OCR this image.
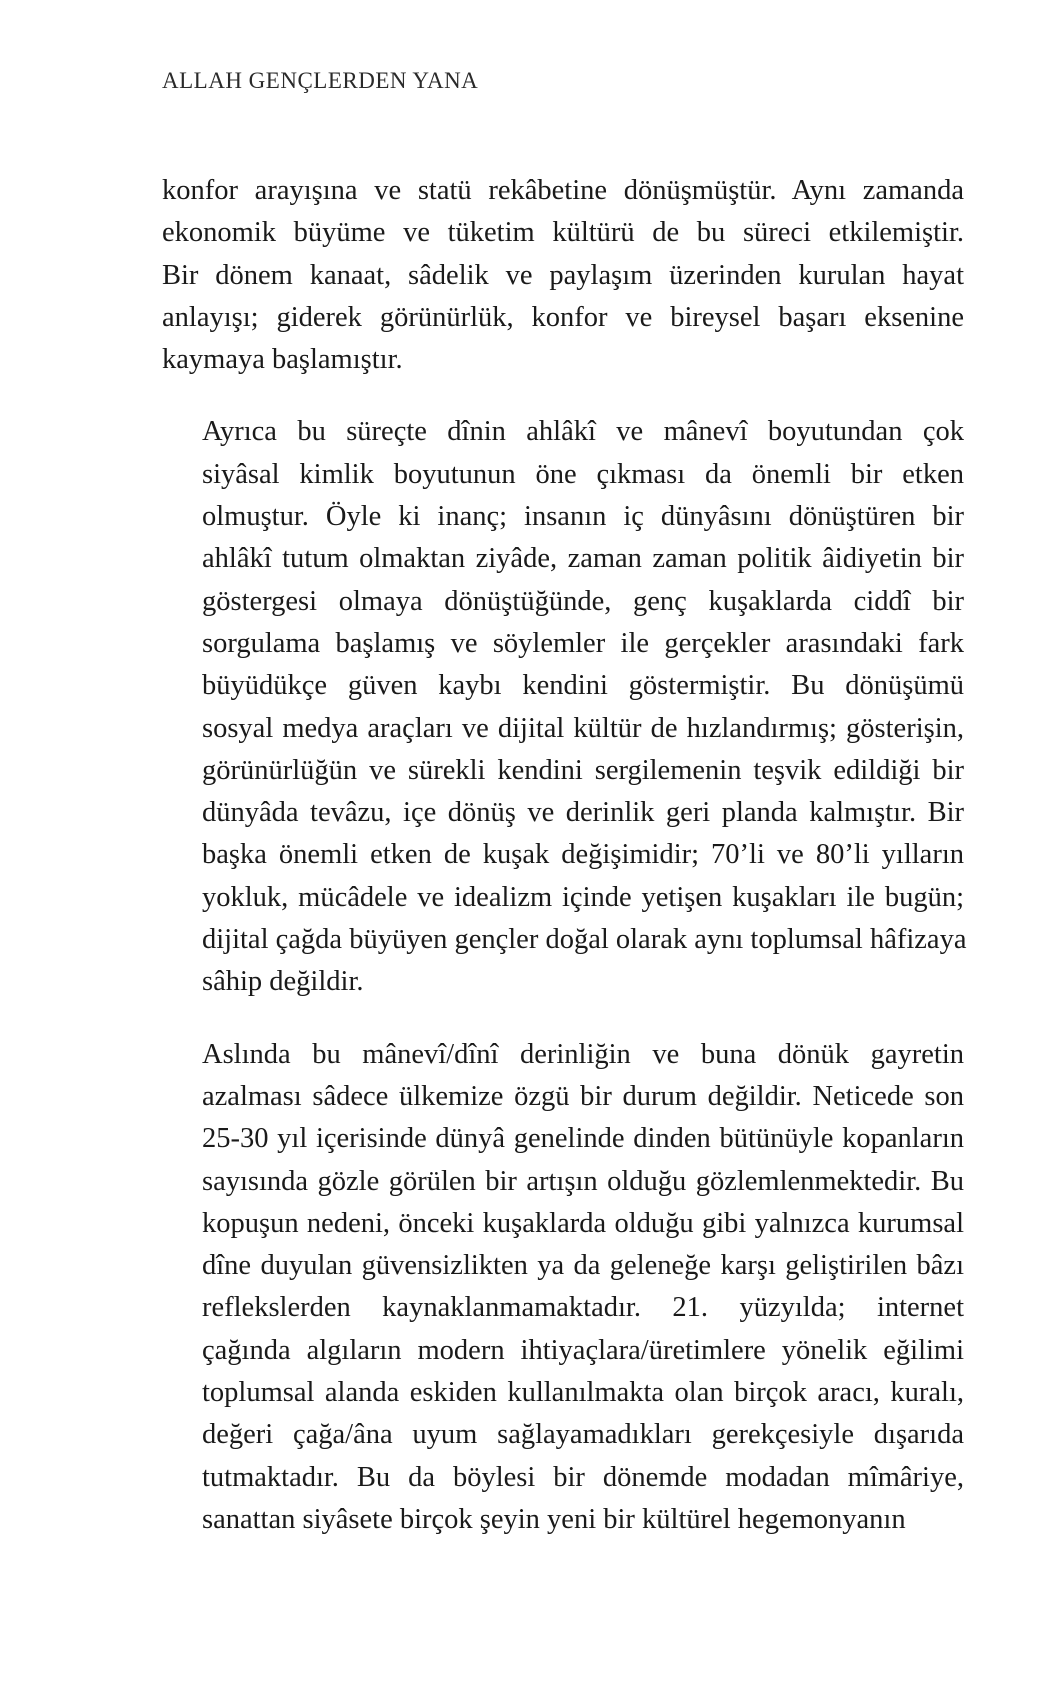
ALLAH GENÇLERDEN YANA

konfor arayışına ve statü rekâbetine dönüşmüştür. Aynı zamanda
ekonomik büyüme ve tüketim kültürü de bu süreci etkilemiştir.
Bir dönem kanaat, sâdelik ve paylaşım üzerinden kurulan hayat
anlayışı; giderek görünürlük, konfor ve bireysel başarı eksenine
kaymaya başlamıştır.

Ayrıca bu süreçte dînin ahlâkî ve mânevî boyutundan çok
siyâsal kimlik boyutunun öne çıkması da önemli bir etken
olmuştur. Öyle ki inanç; insanın iç dünyâsını dönüştüren bir
ahlâkî tutum olmaktan ziyâde, zaman zaman politik âidiyetin bir
göstergesi olmaya dönüştüğünde, genç kuşaklarda ciddî bir
sorgulama başlamış ve söylemler ile gerçekler arasındaki fark
büyüdükçe güven kaybı kendini göstermiştir. Bu dönüşümü
sosyal medya araçları ve dijital kültür de hızlandırmış; gösterişin,
görünürlüğün ve sürekli kendini sergilemenin teşvik edildiği bir
dünyâda tevâzu, içe dönüş ve derinlik geri planda kalmıştır. Bir
başka önemli etken de kuşak değişimidir; 70’li ve 80’li yılların
yokluk, mücâdele ve idealizm içinde yetişen kuşakları ile bugün;
dijital çağda büyüyen gençler doğal olarak aynı toplumsal hâfizaya
sâhip değildir.

Aslında bu mânevî/dînî derinliğin ve buna dönük gayretin
azalması sâdece ülkemize özgü bir durum değildir. Neticede son
25-30 yıl içerisinde dünyâ genelinde dinden bütünüyle kopanların
sayısında gözle görülen bir artışın olduğu gözlemlenmektedir. Bu
kopuşun nedeni, önceki kuşaklarda olduğu gibi yalnızca kurumsal
dîne duyulan güvensizlikten ya da geleneğe karşı geliştirilen bâzı
reflekslerden kaynaklanmamaktadır. 21. yüzyılda; internet
çağında algıların modern ihtiyaçlara/üretimlere yönelik eğilimi
toplumsal alanda eskiden kullanılmakta olan birçok aracı, kuralı,
değeri çağa/âna uyum sağlayamadıkları gerekçesiyle dışarıda
tutmaktadır. Bu da böylesi bir dönemde modadan mîmâriye,
sanattan siyâsete birçok şeyin yeni bir kültürel hegemonyanın
